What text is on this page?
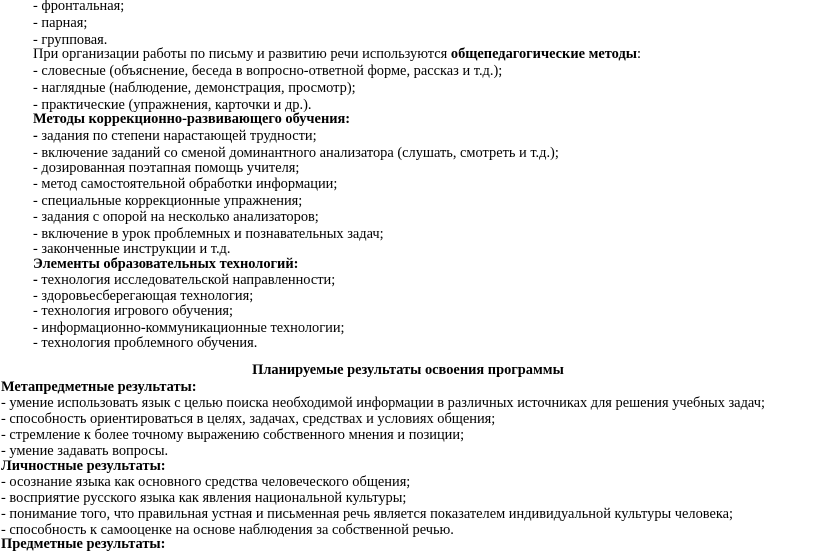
- фронтальная;
- парная;
- групповая.
При организации работы по письму и развитию речи используются общепедагогические методы:
- словесные (объяснение, беседа в вопросно-ответной форме, рассказ и т.д.);
- наглядные (наблюдение, демонстрация, просмотр);
- практические (упражнения, карточки и др.).
Методы коррекционно-развивающего обучения:
- задания по степени нарастающей трудности;
- включение заданий со сменой доминантного анализатора (слушать, смотреть и т.д.);
- дозированная поэтапная помощь учителя;
- метод самостоятельной обработки информации;
- специальные коррекционные упражнения;
- задания с опорой на несколько анализаторов;
- включение в урок проблемных и познавательных задач;
- законченные инструкции и т.д.
Элементы образовательных технологий:
- технология исследовательской направленности;
- здоровьесберегающая технология;
- технология игрового обучения;
- информационно-коммуникационные технологии;
- технология проблемного обучения.
Планируемые результаты освоения программы
Метапредметные результаты:
- умение использовать язык с целью поиска необходимой информации в различных источниках для решения учебных задач;
- способность ориентироваться в целях, задачах, средствах и условиях общения;
- стремление к более точному выражению собственного мнения и позиции;
- умение задавать вопросы.
Личностные результаты:
- осознание языка как основного средства человеческого общения;
- восприятие русского языка как явления национальной культуры;
- понимание того, что правильная устная и письменная речь является показателем индивидуальной культуры человека;
- способность к самооценке на основе наблюдения за собственной речью.
Предметные результаты:
